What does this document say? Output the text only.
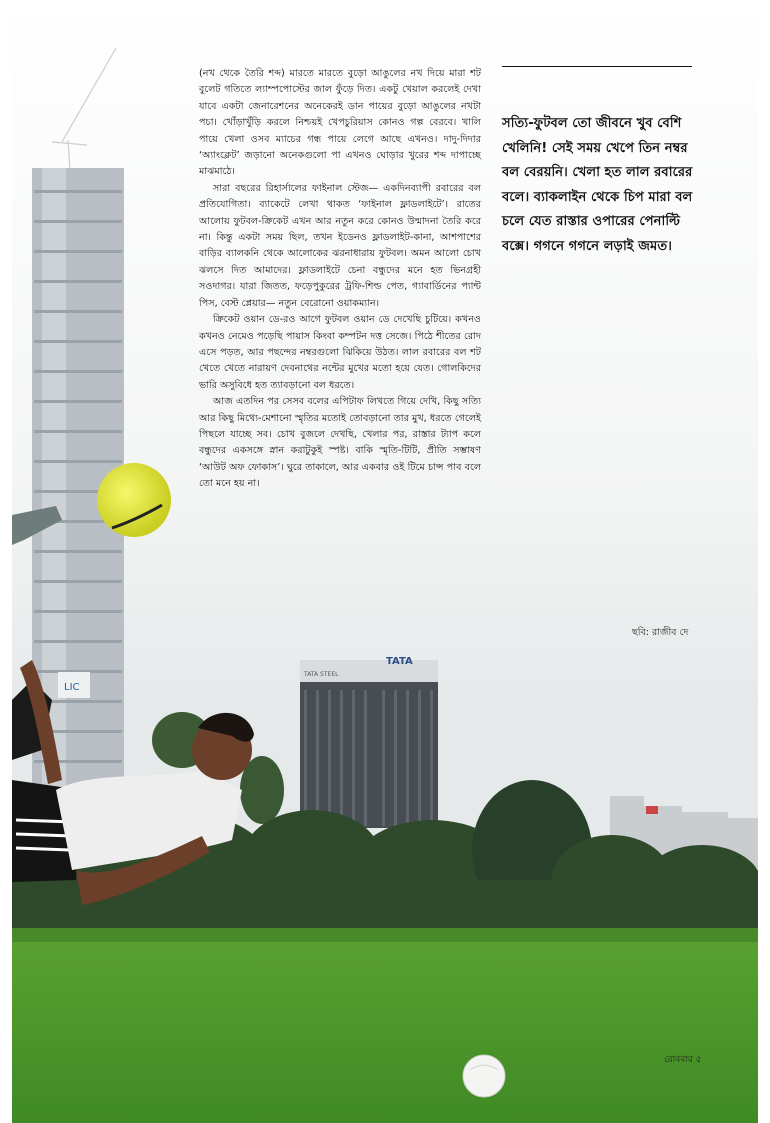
LIC
TATA
TATA STEEL

(নখ থেকে তৈরি শব্দ) মারতে মারতে বুড়ো আঙুলের নখ দিয়ে মারা শট বুলেট গতিতে ল্যাম্পপোস্টের জাল ফুঁড়ে দিত। একটু খেয়াল করলেই দেখা যাবে একটা জেনারেশনের অনেকেরই ডান পায়ের বুড়ো আঙুলের নখটা পচা। খোঁড়াখুঁড়ি করলে নিশ্চয়ই খেপচুরিয়াস কোনও গল্প বেরবে। খালি পায়ে খেলা ওসব ম্যাচের গন্ধ পায়ে লেগে আছে এখনও। দাদু-দিদার ‘অ্যাংক্লেট’ জড়ানো অনেকগুলো পা এখনও ঘোড়ার খুরের শব্দ দাপাচ্ছে মাঝমাঠে।

সারা বছরের রিহার্সালের ফাইনাল স্টেজ— একদিনব্যাপী রবারের বল প্রতিযোগিতা। ব্যাকেটে লেখা থাকত ‘ফাইনাল ফ্লাডলাইটে’। রাতের আলোয় ফুটবল-ক্রিকেট এখন আর নতুন করে কোনও উন্মাদনা তৈরি করে না। কিন্তু একটা সময় ছিল, তখন ইডেনও ফ্লাডলাইট-কানা, আশপাশের বাড়ির ব্যালকনি থেকে আলোকের ঝরনাধারায় ফুটবল। অমন আলো চোখ ঝলসে দিত আমাদের। ফ্লাডলাইটে চেনা বন্ধুদের মনে হত ভিনগ্রহী সওদাগর। যারা জিতত, ফড়েপুকুরের ট্রফি-শিল্ড পেত, গ্যাবার্ডিনের প্যান্ট পিস, বেস্ট প্লেয়ার— নতুন বেরোনো ওয়াকম্যান।

ক্রিকেট ওয়ান ডে-রও আগে ফুটবল ওয়ান ডে দেখেছি চুটিয়ে। কখনও কখনও নেমেও পড়েছি পায়াস কিংবা কম্পটন দত্ত সেজে। পিঠে শীতের রোদ এসে পড়ত, আর পছন্দের নম্বরগুলো ঝিকিয়ে উঠত। লাল রবারের বল শট খেতে খেতে নারায়ণ দেবনাথের নন্টের মুখের মতো হয়ে যেত। গোলকিদের ভারি অসুবিধে হত ত্যাবড়ানো বল ধরতে।

আজ এতদিন পর সেসব বলের এপিটাফ লিখতে গিয়ে দেখি, কিছু সত্যি আর কিছু মিথ্যে-মেশানো স্মৃতির মতোই তোবড়ানো তার মুখ, ধরতে গেলেই পিছলে যাচ্ছে সব। চোখ বুজলে দেখছি, খেলার পর, রাস্তার ট্যাপ কলে বন্ধুদের একসঙ্গে স্নান করাটুকুই স্পষ্ট। বাকি স্মৃতি-টিটি, প্রীতি সম্ভাষণ ‘আউট অফ ফোকাস’। ঘুরে তাকালে, আর একবার ওই টিমে চান্স পাব বলে তো মনে হয় না।

সত্যি-ফুটবল তো জীবনে খুব বেশি খেলিনি! সেই সময় খেপে তিন নম্বর বল বেরয়নি। খেলা হত লাল রবারের বলে। ব্যাকলাইন থেকে চিপ মারা বল চলে যেত রাস্তার ওপারের পেনাল্টি বক্সে। গগনে গগনে লড়াই জমত।
ছবি: রাজীব দে
রোববার ৫
